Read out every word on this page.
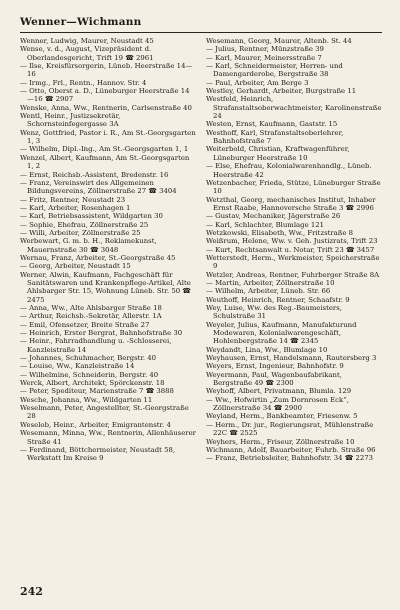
Wenner—Wichmann
Wenner, Ludwig, Maurer, Neustadt 45
Wense, v. d., August, Vizepräsident d. Oberlandesgericht, Trift 19 ☎ 2961
— Ilse, Kreisfürsorgerin, Lüneb. Heerstraße 14—16
— Irmg., Frl., Rentn., Hannov. Str. 4
— Otto, Oberst a. D., Lüneburger Heerstraße 14—16 ☎ 2907
Wenske, Anna, Ww., Rentnerin, Carlsenstraße 40
Wentl, Heinr., Justizsekretär, Schornsteinfegergasse 3A
Wenz, Gottfried, Pastor i. R., Am St.-Georgsgarten 1, 3
— Wilhelm, Dipl.-Ing., Am St.-Georgsgarten 1, 1
Wenzel, Albert, Kaufmann, Am St.-Georgsgarten 1, 2
— Ernst, Reichsb.-Assistent, Bredenstr. 16
— Franz, Vereinswirt des Allgemeinen Bildungsvereins, Zöllnerstraße 27 ☎ 3404
— Fritz, Rentner, Neustadt 23
— Karl, Arbeiter, Rosenhagen 1
— Karl, Betriebsassistent, Wildgarten 30
— Sophie, Ehefrau, Zöllnerstraße 25
— Willi, Arbeiter, Zöllnerstraße 25
Werbewart, G. m. b. H., Reklamekunst, Mauernstraße 30 ☎ 3048
Wernau, Franz, Arbeiter, St.-Georgstraße 45
— Georg, Arbeiter, Neustadt 15
Werner, Alwin, Kaufmann, Fachgeschäft für Sanitätswaren und Krankenpflege-Artikel, Alte Ahlsbarger Str. 15, Wohnung Lüneb. Str. 50 ☎ 2475
— Anna, Ww., Alte Ahlsbarger Straße 18
— Arthur, Reichsb.-Sekretär, Allerstr. 1A
— Emil, Ofensetzer, Breite Straße 27
— Heinrich, Erster Bergrat, Bahnhofstraße 30
— Heinr., Fahrradhandlung u. -Schlosserei, Kanzleistraße 14
— Johannes, Schuhmacher, Bergstr. 40
— Louise, Ww., Kanzleistraße 14
— Wilhelmine, Schneiderin, Bergstr. 40
Werck, Albert, Architekt, Spörckenstr. 18
— Peter, Spediteur, Marienstraße 7 ☎ 3888
Wesche, Johanna, Ww., Wildgarten 11
Weselmann, Peter, Angestellter, St.-Georgstraße 28
Weselob, Heinr., Arbeiter, Emigrantenstr. 4
Wesemann, Minna, Ww., Rentnerin, Allenhäuserer Straße 41
— Ferdinand, Böttchermeister, Neustadt 58, Werkstatt Im Kreise 9
Wesemann, Georg, Maurer, Altenb. St. 44
— Julius, Rentner, Münzstraße 39
— Karl, Maurer, Meinersstraße 7
— Karl, Schneidermeister, Herren- und Damengarderobe, Bergstraße 38
— Paul, Arbeiter, Am Berge 3
Westley, Gerhardt, Arbeiter, Burgstraße 11
Westfeld, Heinrich, Strafanstaltsoberwachtmeister, Karolinenstraße 24
Westen, Ernst, Kaufmann, Gaststr. 15
Westhoff, Karl, Strafanstaltsoberlehrer, Bahnhofstraße 7
Weiterbold, Christian, Kraftwagenführer, Lüneburger Heerstraße 10
— Else, Ehefrau, Kolonialwarenhandlg., Lüneb. Heerstraße 42
Wetzenbacher, Frieda, Stütze, Lüneburger Straße 10
Wetzthal, Georg, mechanisches Institut, Inhaber Ernst Raabe, Hannoversche Straße 3 ☎ 2996
— Gustav, Mechaniker, Jägerstraße 26
— Karl, Schlachter, Blumlage 121
Wetzkowski, Elisabeth, Ww., Fritzstraße 8
Weißrum, Helene, Ww. v. Geh. Justizrats, Trift 23
— Kurt, Rechtsanwalt u. Notar, Trift 23 ☎ 3457
Wetterstedt, Herm., Werkmeister, Speicherstraße 9
Wetzler, Andreas, Rentner, Fuhrberger Straße 8A
— Martin, Arbeiter, Zöllnerstraße 10
— Wilhelm, Arbeiter, Lüneb. Str. 66
Weuthoff, Heinrich, Rentner, Schaafstr. 9
Wey, Luise, Ww. des Reg.-Baumeisters, Schulstraße 31
Weyeler, Julius, Kaufmann, Manufakturund Modewaren, Kolonialwarengeschäft, Hohlenbergstraße 14 ☎ 2345
Weydandt, Lina, Ww., Blumlage 10
Weyhausen, Ernst, Handelsmann, Rautersberg 3
Weyers, Ernst, Ingenieur, Bahnhofstr. 9
Weyermann, Paul, Wagenbaufabrikant, Bergstraße 49 ☎ 2300
Weyhoff, Albert, Privatmann, Blumla. 129
— Ww., Hofwirtin „Zum Dornrosen Eck“, Zöllnerstraße 34 ☎ 2900
Weyland, Herm., Bankbeamter, Friesenw. 5
— Herm., Dr. jur., Regierungsrat, Mühlenstraße 22C ☎ 2525
Weyhers, Herm., Friseur, Zöllnerstraße 10
Wichmann, Adolf, Bauarbeiter, Fuhrb. Straße 96
— Franz, Betriebsleiter, Bahnhofstr. 34 ☎ 2273
242
